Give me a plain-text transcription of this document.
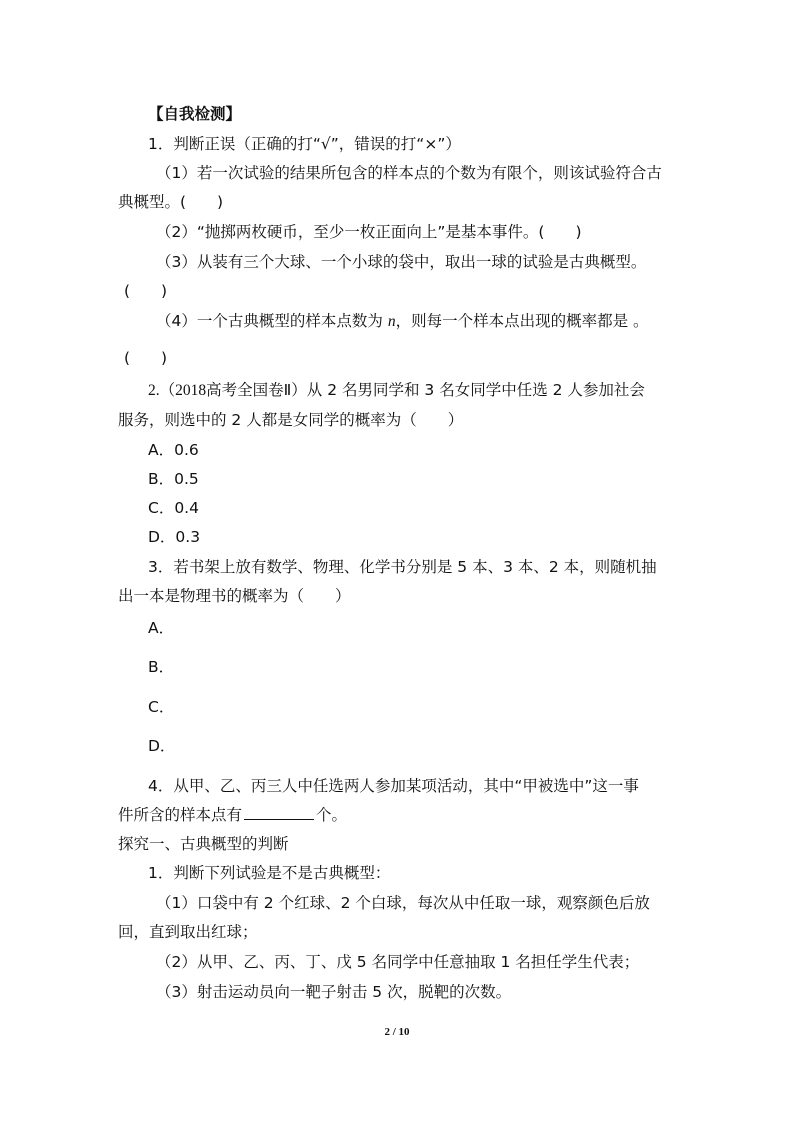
【自我检测】
1．判断正误（正确的打“√”，错误的打“×”）
（1）若一次试验的结果所包含的样本点的个数为有限个，则该试验符合古
典概型。(　　)
（2）“抛掷两枚硬币，至少一枚正面向上”是基本事件。(　　)
（3）从装有三个大球、一个小球的袋中，取出一球的试验是古典概型。
(　　)
（4）一个古典概型的样本点数为 n，则每一个样本点出现的概率都是 。
(　　)
2.（2018高考全国卷Ⅱ）从 2 名男同学和 3 名女同学中任选 2 人参加社会
服务，则选中的 2 人都是女同学的概率为（　　）
A．0.6
B．0.5
C．0.4
D．0.3
3．若书架上放有数学、物理、化学书分别是 5 本、3 本、2 本，则随机抽
出一本是物理书的概率为（　　）
A．
B．
C．
D．
4．从甲、乙、丙三人中任选两人参加某项活动，其中“甲被选中”这一事
件所含的样本点有	个。
探究一、古典概型的判断
1．判断下列试验是不是古典概型：
（1）口袋中有 2 个红球、2 个白球，每次从中任取一球，观察颜色后放
回，直到取出红球；
（2）从甲、乙、丙、丁、戊 5 名同学中任意抽取 1 名担任学生代表；
（3）射击运动员向一靶子射击 5 次，脱靶的次数。
2 / 10
